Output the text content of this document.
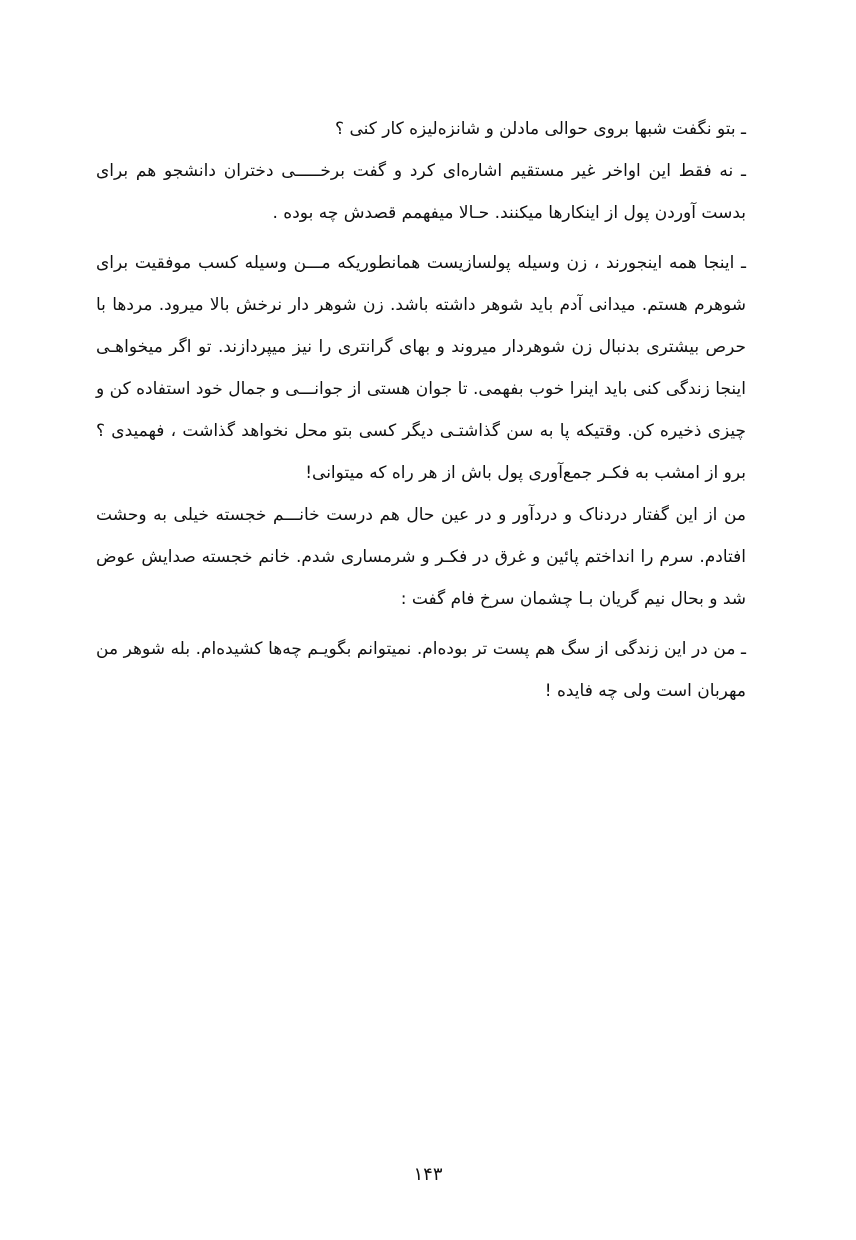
ـ بتو نگفت شبها بروی حوالی مادلن و شانزه‌لیزه کار کنی ؟

ـ نه فقط این اواخر غیر مستقیم اشاره‌ای کرد و گفت برخـــــی دختران دانشجو هم برای بدست آوردن پول از اینکارها میکنند. حـالا میفهمم قصدش چه بوده .

ـ اینجا همه اینجورند ، زن وسیله پولسازیست همانطوریکه مـــن وسیله کسب موفقیت برای شوهرم هستم. میدانی آدم باید شوهر داشته باشد. زن شوهر دار نرخش بالا میرود. مردها با حرص بیشتری بدنبال زن شوهردار میروند و بهای گرانتری را نیز میپردازند. تو اگر میخواهـی اینجا زندگی کنی باید اینرا خوب بفهمی. تا جوان هستی از جوانـــی و جمال خود استفاده کن و چیزی ذخیره کن. وقتیکه پا به سن گذاشتـی دیگر کسی بتو محل نخواهد گذاشت ، فهمیدی ؟ برو از امشب به فکـر جمع‌آوری پول باش از هر راه که میتوانی!

من از این گفتار دردناک و دردآور و در عین حال هم درست خانـــم خجسته خیلی به وحشت افتادم. سرم را انداختم پائین و غرق در فکـر و شرمساری شدم. خانم خجسته صدایش عوض شد و بحال نیم گریان بـا چشمان سرخ فام گفت :

ـ من در این زندگی از سگ هم پست تر بوده‌ام. نمیتوانم بگویـم چه‌ها کشیده‌ام. بله شوهر من مهربان است ولی چه فایده !

۱۴۳
